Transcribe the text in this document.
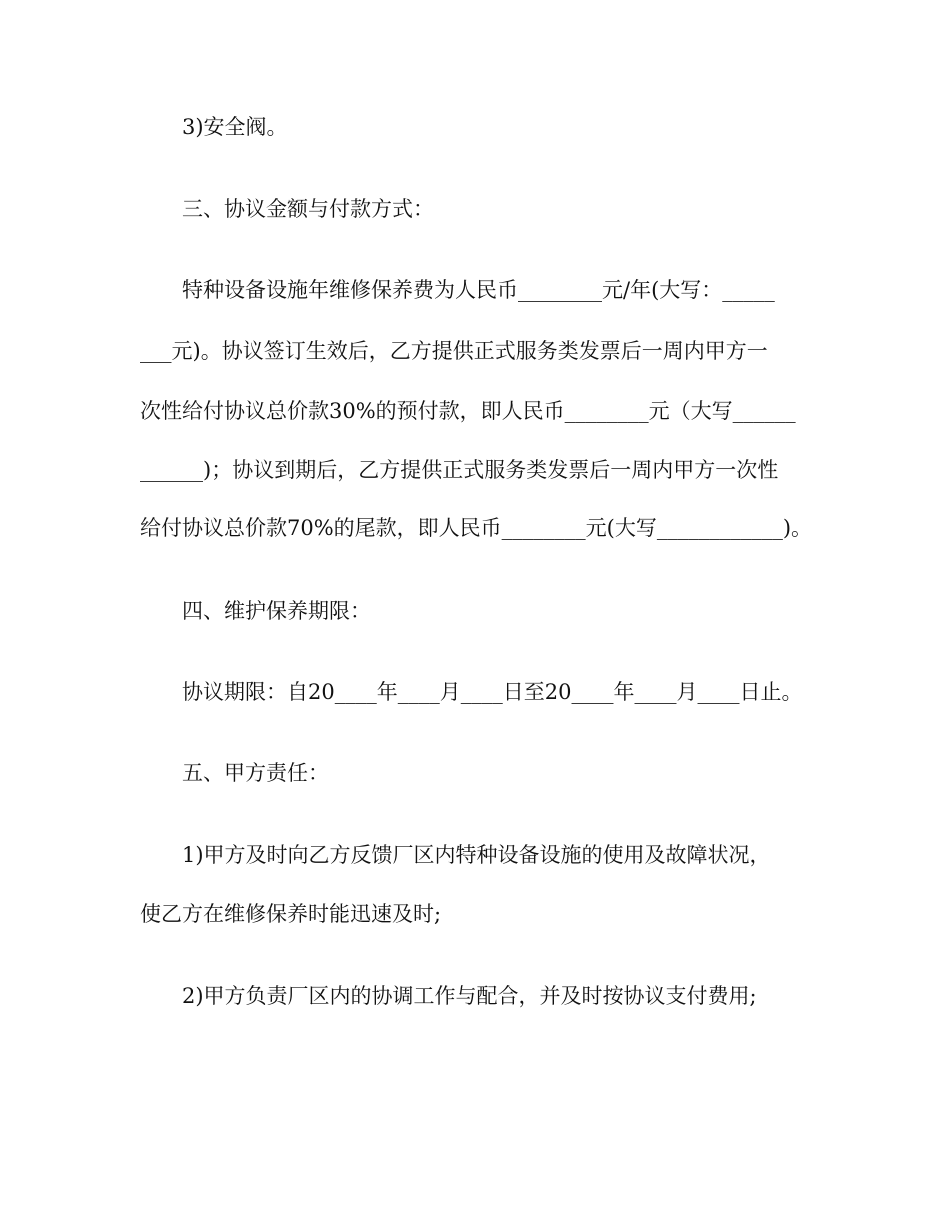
3)安全阀。
三、协议金额与付款方式：
特种设备设施年维修保养费为人民币________元/年(大写：_____
___元)。协议签订生效后，乙方提供正式服务类发票后一周内甲方一
次性给付协议总价款30%的预付款，即人民币________元（大写______
______)；协议到期后，乙方提供正式服务类发票后一周内甲方一次性
给付协议总价款70%的尾款，即人民币________元(大写____________)。
四、维护保养期限：
协议期限：自20____年____月____日至20____年____月____日止。
五、甲方责任：
1)甲方及时向乙方反馈厂区内特种设备设施的使用及故障状况，
使乙方在维修保养时能迅速及时;
2)甲方负责厂区内的协调工作与配合，并及时按协议支付费用;
